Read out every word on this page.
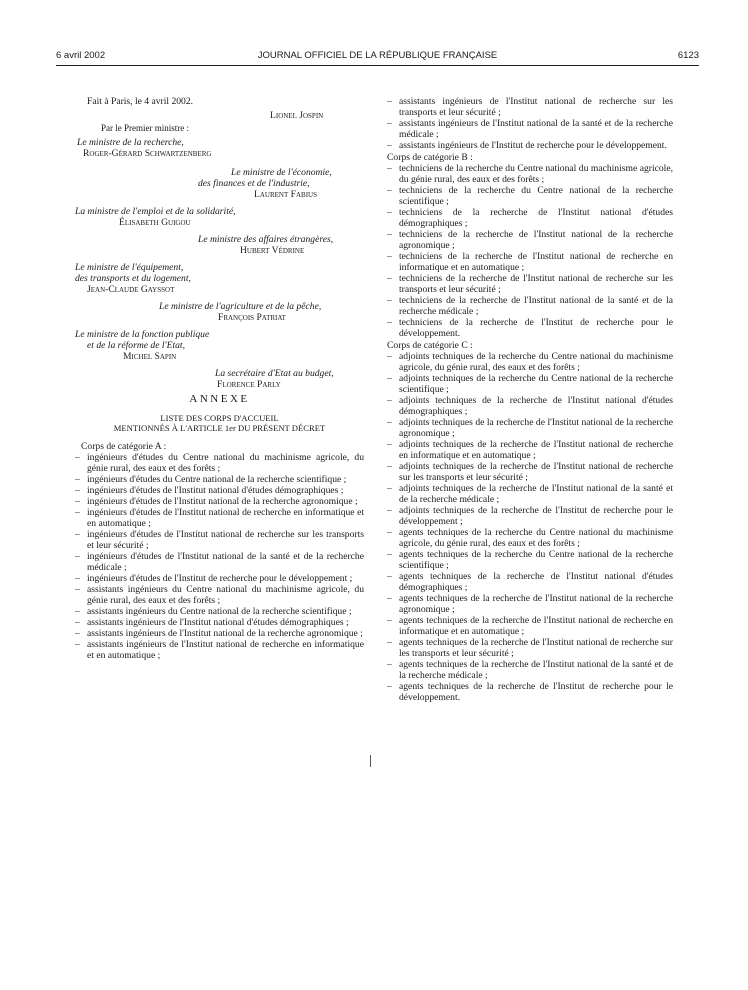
6 avril 2002	JOURNAL OFFICIEL DE LA RÉPUBLIQUE FRANÇAISE	6123

Fait à Paris, le 4 avril 2002.

Lionel Jospin

Par le Premier ministre :

Le ministre de la recherche,
Roger-Gérard Schwartzenberg
Le ministre de l'économie,
des finances et de l'industrie,
Laurent Fabius
La ministre de l'emploi et de la solidarité,
Élisabeth Guigou
Le ministre des affaires étrangères,
Hubert Védrine
Le ministre de l'équipement,
des transports et du logement,
Jean-Claude Gayssot
Le ministre de l'agriculture et de la pêche,
François Patriat
Le ministre de la fonction publique
et de la réforme de l'Etat,
Michel Sapin
La secrétaire d'Etat au budget,
Florence Parly

ANNEXE

LISTE DES CORPS D'ACCUEIL
MENTIONNÉS À L'ARTICLE 1er DU PRÉSENT DÉCRET

Corps de catégorie A :

– ingénieurs d'études du Centre national du machinisme agricole, du génie rural, des eaux et des forêts ;
– ingénieurs d'études du Centre national de la recherche scientifique ;
– ingénieurs d'études de l'Institut national d'études démographiques ;
– ingénieurs d'études de l'Institut national de la recherche agronomique ;
– ingénieurs d'études de l'Institut national de recherche en informatique et en automatique ;
– ingénieurs d'études de l'Institut national de recherche sur les transports et leur sécurité ;
– ingénieurs d'études de l'Institut national de la santé et de la recherche médicale ;
– ingénieurs d'études de l'Institut de recherche pour le développement ;
– assistants ingénieurs du Centre national du machinisme agricole, du génie rural, des eaux et des forêts ;
– assistants ingénieurs du Centre national de la recherche scientifique ;
– assistants ingénieurs de l'Institut national d'études démographiques ;
– assistants ingénieurs de l'Institut national de la recherche agronomique ;
– assistants ingénieurs de l'Institut national de recherche en informatique et en automatique ;
– assistants ingénieurs de l'Institut national de recherche sur les transports et leur sécurité ;
– assistants ingénieurs de l'Institut national de la santé et de la recherche médicale ;
– assistants ingénieurs de l'Institut de recherche pour le développement.

Corps de catégorie B :

– techniciens de la recherche du Centre national du machinisme agricole, du génie rural, des eaux et des forêts ;
– techniciens de la recherche du Centre national de la recherche scientifique ;
– techniciens de la recherche de l'Institut national d'études démographiques ;
– techniciens de la recherche de l'Institut national de la recherche agronomique ;
– techniciens de la recherche de l'Institut national de recherche en informatique et en automatique ;
– techniciens de la recherche de l'Institut national de recherche sur les transports et leur sécurité ;
– techniciens de la recherche de l'Institut national de la santé et de la recherche médicale ;
– techniciens de la recherche de l'Institut de recherche pour le développement.

Corps de catégorie C :

– adjoints techniques de la recherche du Centre national du machinisme agricole, du génie rural, des eaux et des forêts ;
– adjoints techniques de la recherche du Centre national de la recherche scientifique ;
– adjoints techniques de la recherche de l'Institut national d'études démographiques ;
– adjoints techniques de la recherche de l'Institut national de la recherche agronomique ;
– adjoints techniques de la recherche de l'Institut national de recherche en informatique et en automatique ;
– adjoints techniques de la recherche de l'Institut national de recherche sur les transports et leur sécurité ;
– adjoints techniques de la recherche de l'Institut national de la santé et de la recherche médicale ;
– adjoints techniques de la recherche de l'Institut de recherche pour le développement ;
– agents techniques de la recherche du Centre national du machinisme agricole, du génie rural, des eaux et des forêts ;
– agents techniques de la recherche du Centre national de la recherche scientifique ;
– agents techniques de la recherche de l'Institut national d'études démographiques ;
– agents techniques de la recherche de l'Institut national de la recherche agronomique ;
– agents techniques de la recherche de l'Institut national de recherche en informatique et en automatique ;
– agents techniques de la recherche de l'Institut national de recherche sur les transports et leur sécurité ;
– agents techniques de la recherche de l'Institut national de la santé et de la recherche médicale ;
– agents techniques de la recherche de l'Institut de recherche pour le développement.
